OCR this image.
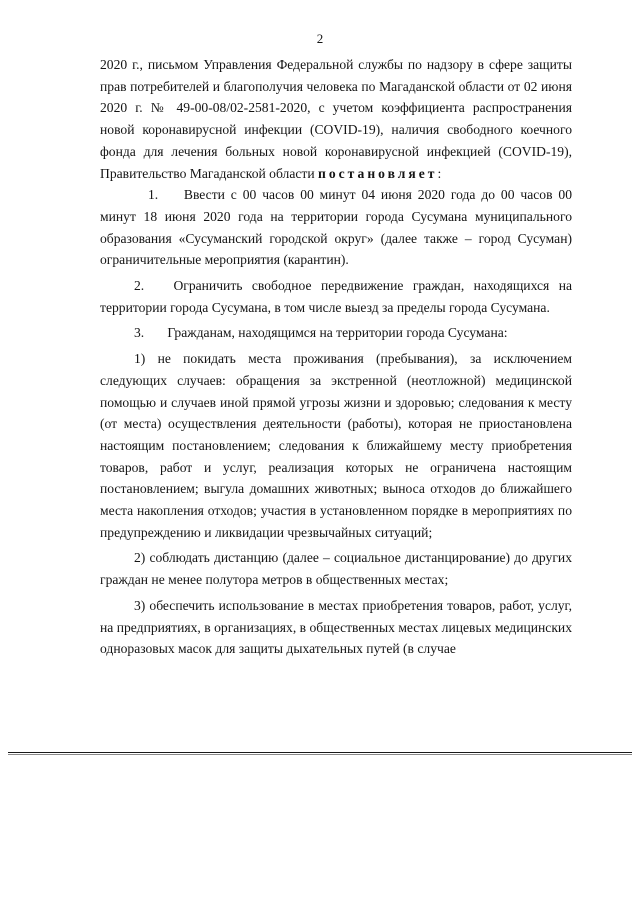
2

2020 г., письмом Управления Федеральной службы по надзору в сфере защиты прав потребителей и благополучия человека по Магаданской области от 02 июня 2020 г. № 49-00-08/02-2581-2020, с учетом коэффициента распространения новой коронавирусной инфекции (COVID-19), наличия свободного коечного фонда для лечения больных новой коронавирусной инфекцией (COVID-19), Правительство Магаданской области постановляет:

1. Ввести с 00 часов 00 минут 04 июня 2020 года до 00 часов 00 минут 18 июня 2020 года на территории города Сусумана муниципального образования «Сусуманский городской округ» (далее также – город Сусуман) ограничительные мероприятия (карантин).

2. Ограничить свободное передвижение граждан, находящихся на территории города Сусумана, в том числе выезд за пределы города Сусумана.

3. Гражданам, находящимся на территории города Сусумана:

1) не покидать места проживания (пребывания), за исключением следующих случаев: обращения за экстренной (неотложной) медицинской помощью и случаев иной прямой угрозы жизни и здоровью; следования к месту (от места) осуществления деятельности (работы), которая не приостановлена настоящим постановлением; следования к ближайшему месту приобретения товаров, работ и услуг, реализация которых не ограничена настоящим постановлением; выгула домашних животных; выноса отходов до ближайшего места накопления отходов; участия в установленном порядке в мероприятиях по предупреждению и ликвидации чрезвычайных ситуаций;

2) соблюдать дистанцию (далее – социальное дистанцирование) до других граждан не менее полутора метров в общественных местах;

3) обеспечить использование в местах приобретения товаров, работ, услуг, на предприятиях, в организациях, в общественных местах лицевых медицинских одноразовых масок для защиты дыхательных путей (в случае
